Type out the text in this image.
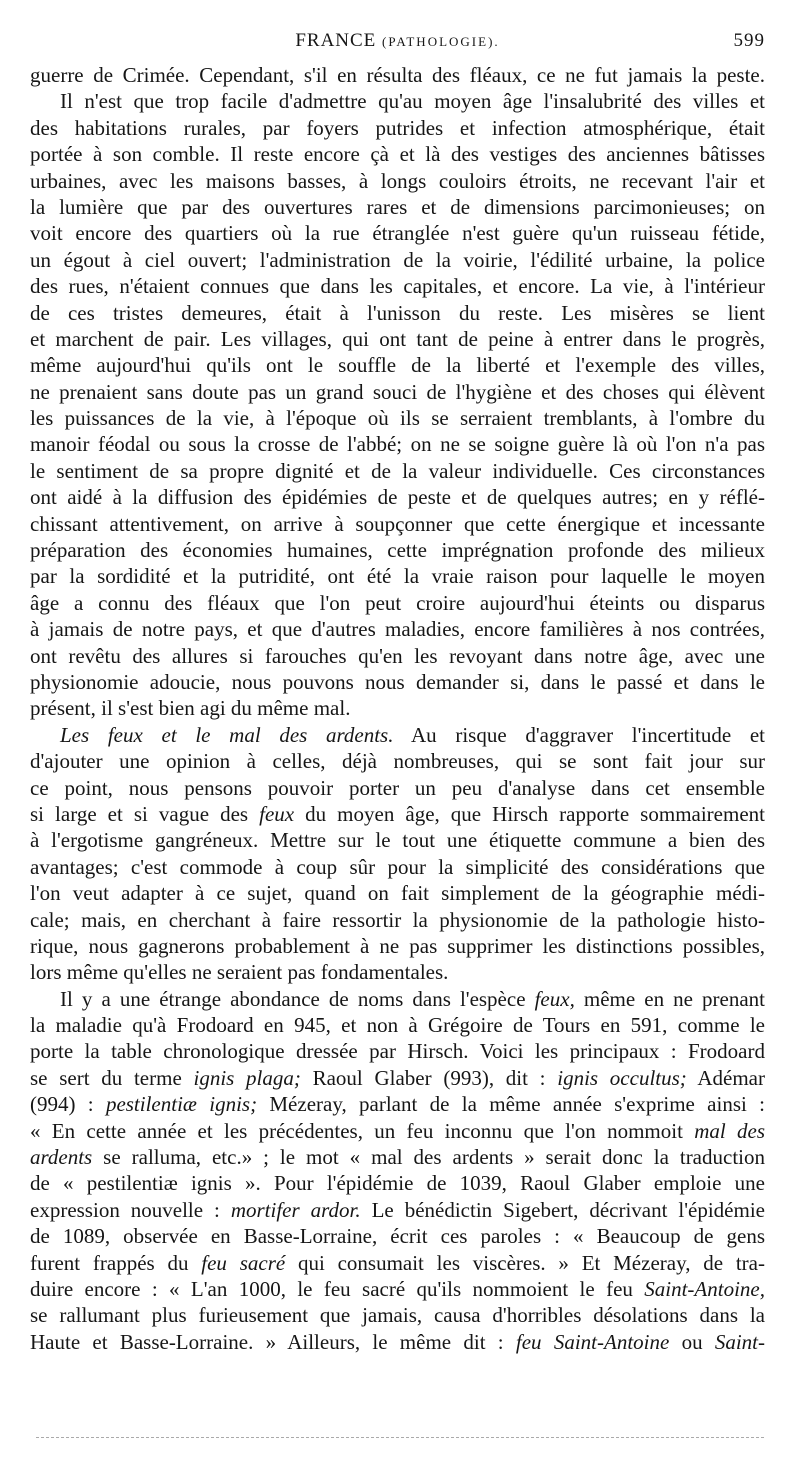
FRANCE (PATHOLOGIE).	599
guerre de Crimée. Cependant, s'il en résulta des fléaux, ce ne fut jamais la peste.
Il n'est que trop facile d'admettre qu'au moyen âge l'insalubrité des villes et
des habitations rurales, par foyers putrides et infection atmosphérique, était
portée à son comble. Il reste encore çà et là des vestiges des anciennes bâtisses
urbaines, avec les maisons basses, à longs couloirs étroits, ne recevant l'air et
la lumière que par des ouvertures rares et de dimensions parcimonieuses; on
voit encore des quartiers où la rue étranglée n'est guère qu'un ruisseau fétide,
un égout à ciel ouvert; l'administration de la voirie, l'édilité urbaine, la police
des rues, n'étaient connues que dans les capitales, et encore. La vie, à l'intérieur
de ces tristes demeures, était à l'unisson du reste. Les misères se lient
et marchent de pair. Les villages, qui ont tant de peine à entrer dans le progrès,
même aujourd'hui qu'ils ont le souffle de la liberté et l'exemple des villes,
ne prenaient sans doute pas un grand souci de l'hygiène et des choses qui élèvent
les puissances de la vie, à l'époque où ils se serraient tremblants, à l'ombre du
manoir féodal ou sous la crosse de l'abbé; on ne se soigne guère là où l'on n'a pas
le sentiment de sa propre dignité et de la valeur individuelle. Ces circonstances
ont aidé à la diffusion des épidémies de peste et de quelques autres; en y réflé-
chissant attentivement, on arrive à soupçonner que cette énergique et incessante
préparation des économies humaines, cette imprégnation profonde des milieux
par la sordidité et la putridité, ont été la vraie raison pour laquelle le moyen
âge a connu des fléaux que l'on peut croire aujourd'hui éteints ou disparus
à jamais de notre pays, et que d'autres maladies, encore familières à nos contrées,
ont revêtu des allures si farouches qu'en les revoyant dans notre âge, avec une
physionomie adoucie, nous pouvons nous demander si, dans le passé et dans le
présent, il s'est bien agi du même mal.
Les feux et le mal des ardents. Au risque d'aggraver l'incertitude et
d'ajouter une opinion à celles, déjà nombreuses, qui se sont fait jour sur
ce point, nous pensons pouvoir porter un peu d'analyse dans cet ensemble
si large et si vague des feux du moyen âge, que Hirsch rapporte sommairement
à l'ergotisme gangréneux. Mettre sur le tout une étiquette commune a bien des
avantages; c'est commode à coup sûr pour la simplicité des considérations que
l'on veut adapter à ce sujet, quand on fait simplement de la géographie médi-
cale; mais, en cherchant à faire ressortir la physionomie de la pathologie histo-
rique, nous gagnerons probablement à ne pas supprimer les distinctions possibles,
lors même qu'elles ne seraient pas fondamentales.
Il y a une étrange abondance de noms dans l'espèce feux, même en ne prenant
la maladie qu'à Frodoard en 945, et non à Grégoire de Tours en 591, comme le
porte la table chronologique dressée par Hirsch. Voici les principaux : Frodoard
se sert du terme ignis plaga; Raoul Glaber (993), dit : ignis occultus; Adémar
(994) : pestilentiæ ignis; Mézeray, parlant de la même année s'exprime ainsi :
« En cette année et les précédentes, un feu inconnu que l'on nommoit mal des
ardents se ralluma, etc.» ; le mot « mal des ardents » serait donc la traduction
de « pestilentiæ ignis ». Pour l'épidémie de 1039, Raoul Glaber emploie une
expression nouvelle : mortifer ardor. Le bénédictin Sigebert, décrivant l'épidémie
de 1089, observée en Basse-Lorraine, écrit ces paroles : « Beaucoup de gens
furent frappés du feu sacré qui consumait les viscères. » Et Mézeray, de tra-
duire encore : « L'an 1000, le feu sacré qu'ils nommoient le feu Saint-Antoine,
se rallumant plus furieusement que jamais, causa d'horribles désolations dans la
Haute et Basse-Lorraine. » Ailleurs, le même dit : feu Saint-Antoine ou Saint-
